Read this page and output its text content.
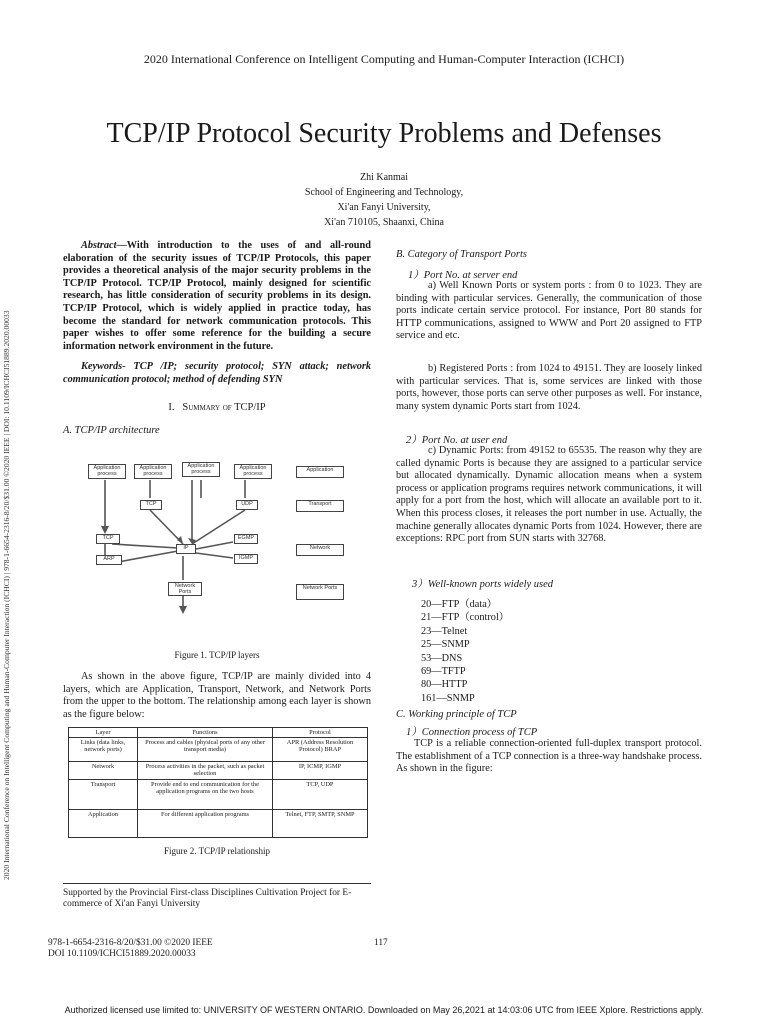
2020 International Conference on Intelligent Computing and Human-Computer Interaction (ICHCI)
2020 International Conference on Intelligent Computing and Human-Computer Interaction (ICHCI) | 978-1-6654-2316-8/20/$31.00 ©2020 IEEE | DOI: 10.1109/ICHCI51889.2020.00033
TCP/IP Protocol Security Problems and Defenses
Zhi Kanmai
School of Engineering and Technology,
Xi'an Fanyi University,
Xi'an 710105, Shaanxi, China
Abstract—With introduction to the uses of and all-round elaboration of the security issues of TCP/IP Protocols, this paper provides a theoretical analysis of the major security problems in the TCP/IP Protocol. TCP/IP Protocol, mainly designed for scientific research, has little consideration of security problems in its design. TCP/IP Protocol, which is widely applied in practice today, has become the standard for network communication protocols. This paper wishes to offer some reference for the building a secure information network environment in the future.
Keywords- TCP /IP; security protocol; SYN attack; network communication protocol; method of defending SYN
I. Summary of TCP/IP
A. TCP/IP architecture
Application process
Application process
Application process
Application process
TCP	UDP
TCP
ARP
IP
EGMP
IGMP
Network Ports
Application
Transport
Network
Network Ports
Figure 1. TCP/IP layers
As shown in the above figure, TCP/IP are mainly divided into 4 layers, which are Application, Transport, Network, and Network Ports from the upper to the bottom. The relationship among each layer is shown as the figure below:
Layer	Functions	Protocol
Links (data links, network ports)	Process and cables (physical ports of any other transport media)	APR (Address Resolution Protocol) BRAP
Network	Process activities in the packet, such as packet selection	IP, ICMP, IGMP
Transport	Provide end to end communication for the application programs on the two hosts	TCP, UDP
Application	For different application programs	Telnet, FTP, SMTP, SNMP
Figure 2. TCP/IP relationship
Supported by the Provincial First-class Disciplines Cultivation Project for E-commerce of Xi'an Fanyi University
978-1-6654-2316-8/20/$31.00 ©2020 IEEE
DOI 10.1109/ICHCI51889.2020.00033
117
B. Category of Transport Ports
1）Port No. at server end
a) Well Known Ports or system ports : from 0 to 1023. They are binding with particular services. Generally, the communication of those ports indicate certain service protocol. For instance, Port 80 stands for HTTP communications, assigned to WWW and Port 20 assigned to FTP service and etc.
b) Registered Ports : from 1024 to 49151. They are loosely linked with particular services. That is, some services are linked with those ports, however, those ports can serve other purposes as well. For instance, many system dynamic Ports start from 1024.
2）Port No. at user end
c) Dynamic Ports: from 49152 to 65535. The reason why they are called dynamic Ports is because they are assigned to a particular service but allocated dynamically. Dynamic allocation means when a system process or application programs requires network communications, it will apply for a port from the host, which will allocate an available port to it. When this process closes, it releases the port number in use. Actually, the machine generally allocates dynamic Ports from 1024. However, there are exceptions: RPC port from SUN starts with 32768.
3）Well-known ports widely used
20—FTP（data）
21—FTP（control）
23—Telnet
25—SNMP
53—DNS
69—TFTP
80—HTTP
161—SNMP
C. Working principle of TCP
1）Connection process of TCP
TCP is a reliable connection-oriented full-duplex transport protocol. The establishment of a TCP connection is a three-way handshake process. As shown in the figure:
Authorized licensed use limited to: UNIVERSITY OF WESTERN ONTARIO. Downloaded on May 26,2021 at 14:03:06 UTC from IEEE Xplore. Restrictions apply.
